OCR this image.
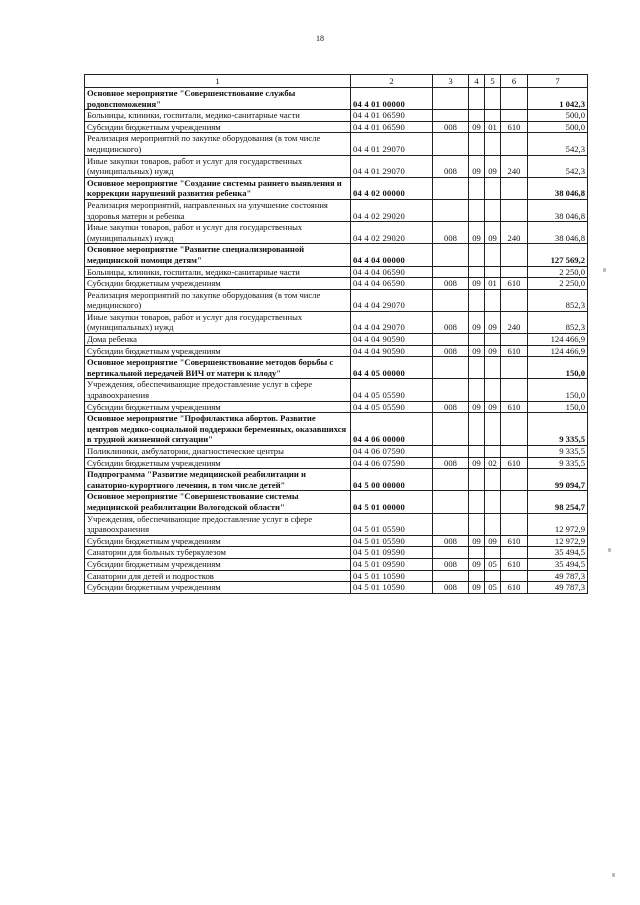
18
1	2	3	4	5	6	7
Основное мероприятие "Совершенствование службы родовспоможения"	04 4 01 00000					1 042,3
Больницы, клиники, госпитали, медико-санитарные части	04 4 01 06590					500,0
Субсидии бюджетным учреждениям	04 4 01 06590	008	09	01	610	500,0
Реализация мероприятий по закупке оборудования (в том числе медицинского)	04 4 01 29070					542,3
Иные закупки товаров, работ и услуг для государственных (муниципальных) нужд	04 4 01 29070	008	09	09	240	542,3
Основное мероприятие "Создание системы раннего выявления и коррекции нарушений развития ребенка"	04 4 02 00000					38 046,8
Реализация мероприятий, направленных на улучшение состояния здоровья матери и ребенка	04 4 02 29020					38 046,8
Иные закупки товаров, работ и услуг для государственных (муниципальных) нужд	04 4 02 29020	008	09	09	240	38 046,8
Основное мероприятие "Развитие специализированной медицинской помощи детям"	04 4 04 00000					127 569,2
Больницы, клиники, госпитали, медико-санитарные части	04 4 04 06590					2 250,0
Субсидии бюджетным учреждениям	04 4 04 06590	008	09	01	610	2 250,0
Реализация мероприятий по закупке оборудования (в том числе медицинского)	04 4 04 29070					852,3
Иные закупки товаров, работ и услуг для государственных (муниципальных) нужд	04 4 04 29070	008	09	09	240	852,3
Дома ребенка	04 4 04 90590					124 466,9
Субсидии бюджетным учреждениям	04 4 04 90590	008	09	09	610	124 466,9
Основное мероприятие "Совершенствование методов борьбы с вертикальной передачей ВИЧ от матери к плоду"	04 4 05 00000					150,0
Учреждения, обеспечивающие предоставление услуг в сфере здравоохранения	04 4 05 05590					150,0
Субсидии бюджетным учреждениям	04 4 05 05590	008	09	09	610	150,0
Основное мероприятие "Профилактика абортов. Развитие центров медико-социальной поддержки беременных, оказавшихся в трудной жизненной ситуации"	04 4 06 00000					9 335,5
Поликлиники, амбулатории, диагностические центры	04 4 06 07590					9 335,5
Субсидии бюджетным учреждениям	04 4 06 07590	008	09	02	610	9 335,5
Подпрограмма "Развитие медицинской реабилитации и санаторно-курортного лечения, в том числе детей"	04 5 00 00000					99 094,7
Основное мероприятие "Совершенствование системы медицинской реабилитации Вологодской области"	04 5 01 00000					98 254,7
Учреждения, обеспечивающие предоставление услуг в сфере здравоохранения	04 5 01 05590					12 972,9
Субсидии бюджетным учреждениям	04 5 01 05590	008	09	09	610	12 972,9
Санатории для больных туберкулезом	04 5 01 09590					35 494,5
Субсидии бюджетным учреждениям	04 5 01 09590	008	09	05	610	35 494,5
Санатории для детей и подростков	04 5 01 10590					49 787,3
Субсидии бюджетным учреждениям	04 5 01 10590	008	09	05	610	49 787,3
